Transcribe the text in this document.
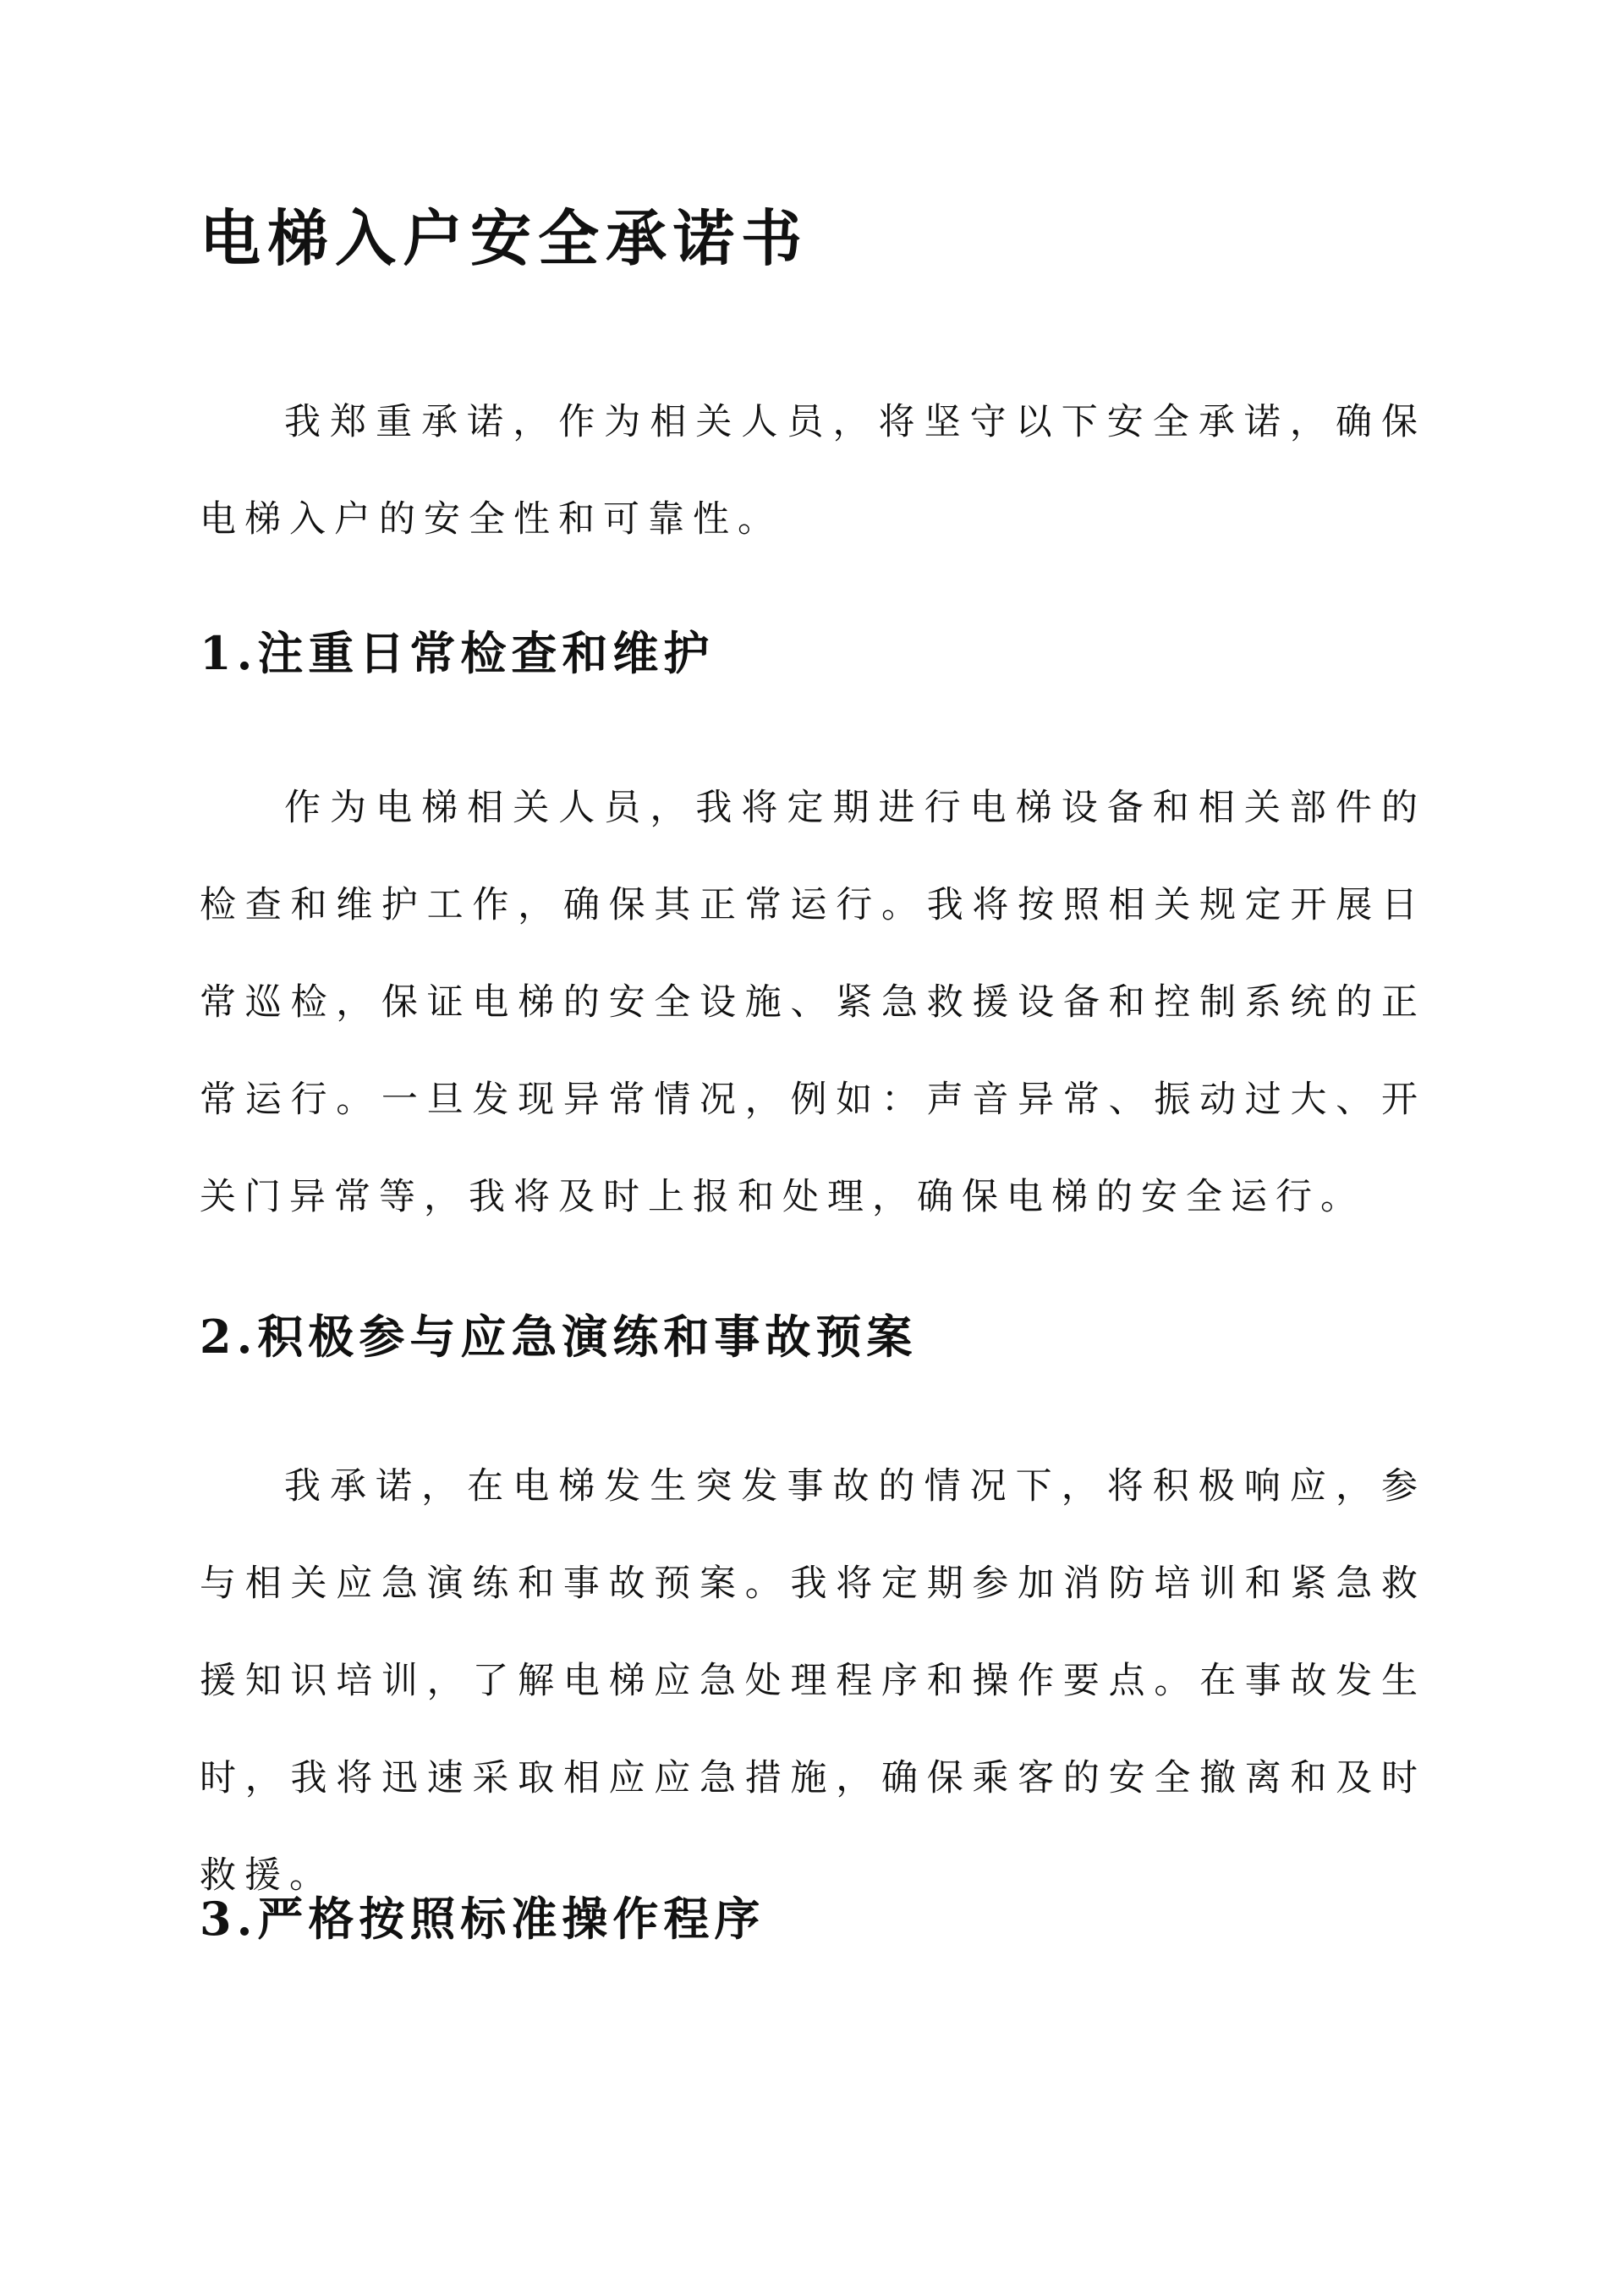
电梯入户安全承诺书

我郑重承诺，作为相关人员，将坚守以下安全承诺，确保电梯入户的安全性和可靠性。

1.注重日常检查和维护

作为电梯相关人员，我将定期进行电梯设备和相关部件的检查和维护工作，确保其正常运行。我将按照相关规定开展日常巡检，保证电梯的安全设施、紧急救援设备和控制系统的正常运行。一旦发现异常情况，例如：声音异常、振动过大、开关门异常等，我将及时上报和处理，确保电梯的安全运行。

2.积极参与应急演练和事故预案

我承诺，在电梯发生突发事故的情况下，将积极响应，参与相关应急演练和事故预案。我将定期参加消防培训和紧急救援知识培训，了解电梯应急处理程序和操作要点。在事故发生时，我将迅速采取相应应急措施，确保乘客的安全撤离和及时救援。

3.严格按照标准操作程序
